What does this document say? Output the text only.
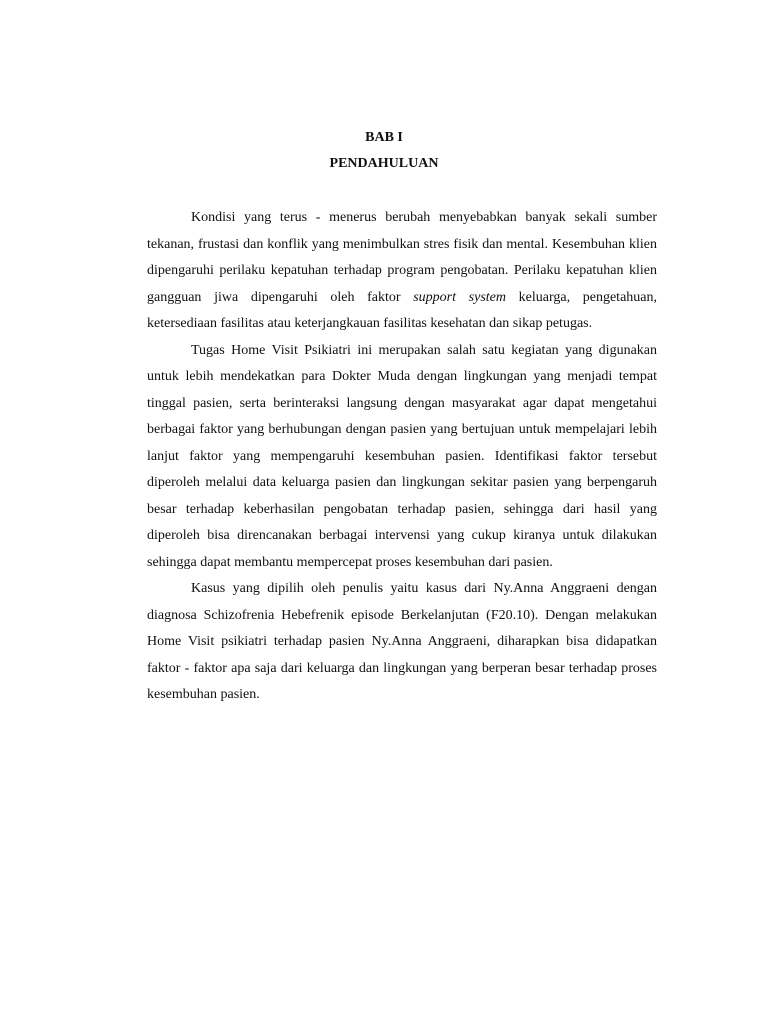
BAB I
PENDAHULUAN

Kondisi yang terus - menerus berubah menyebabkan banyak sekali sumber tekanan, frustasi dan konflik yang menimbulkan stres fisik dan mental. Kesembuhan klien dipengaruhi perilaku kepatuhan terhadap program pengobatan. Perilaku kepatuhan klien gangguan jiwa dipengaruhi oleh faktor support system keluarga, pengetahuan, ketersediaan fasilitas atau keterjangkauan fasilitas kesehatan dan sikap petugas.

Tugas Home Visit Psikiatri ini merupakan salah satu kegiatan yang digunakan untuk lebih mendekatkan para Dokter Muda dengan lingkungan yang menjadi tempat tinggal pasien, serta berinteraksi langsung dengan masyarakat agar dapat mengetahui berbagai faktor yang berhubungan dengan pasien yang bertujuan untuk mempelajari lebih lanjut faktor yang mempengaruhi kesembuhan pasien. Identifikasi faktor tersebut diperoleh melalui data keluarga pasien dan lingkungan sekitar pasien yang berpengaruh besar terhadap keberhasilan pengobatan terhadap pasien, sehingga dari hasil yang diperoleh bisa direncanakan berbagai intervensi yang cukup kiranya untuk dilakukan sehingga dapat membantu mempercepat proses kesembuhan dari pasien.

Kasus yang dipilih oleh penulis yaitu kasus dari Ny.Anna Anggraeni dengan diagnosa Schizofrenia Hebefrenik episode Berkelanjutan (F20.10). Dengan melakukan Home Visit psikiatri terhadap pasien Ny.Anna Anggraeni, diharapkan bisa didapatkan faktor - faktor apa saja dari keluarga dan lingkungan yang berperan besar terhadap proses kesembuhan pasien.
